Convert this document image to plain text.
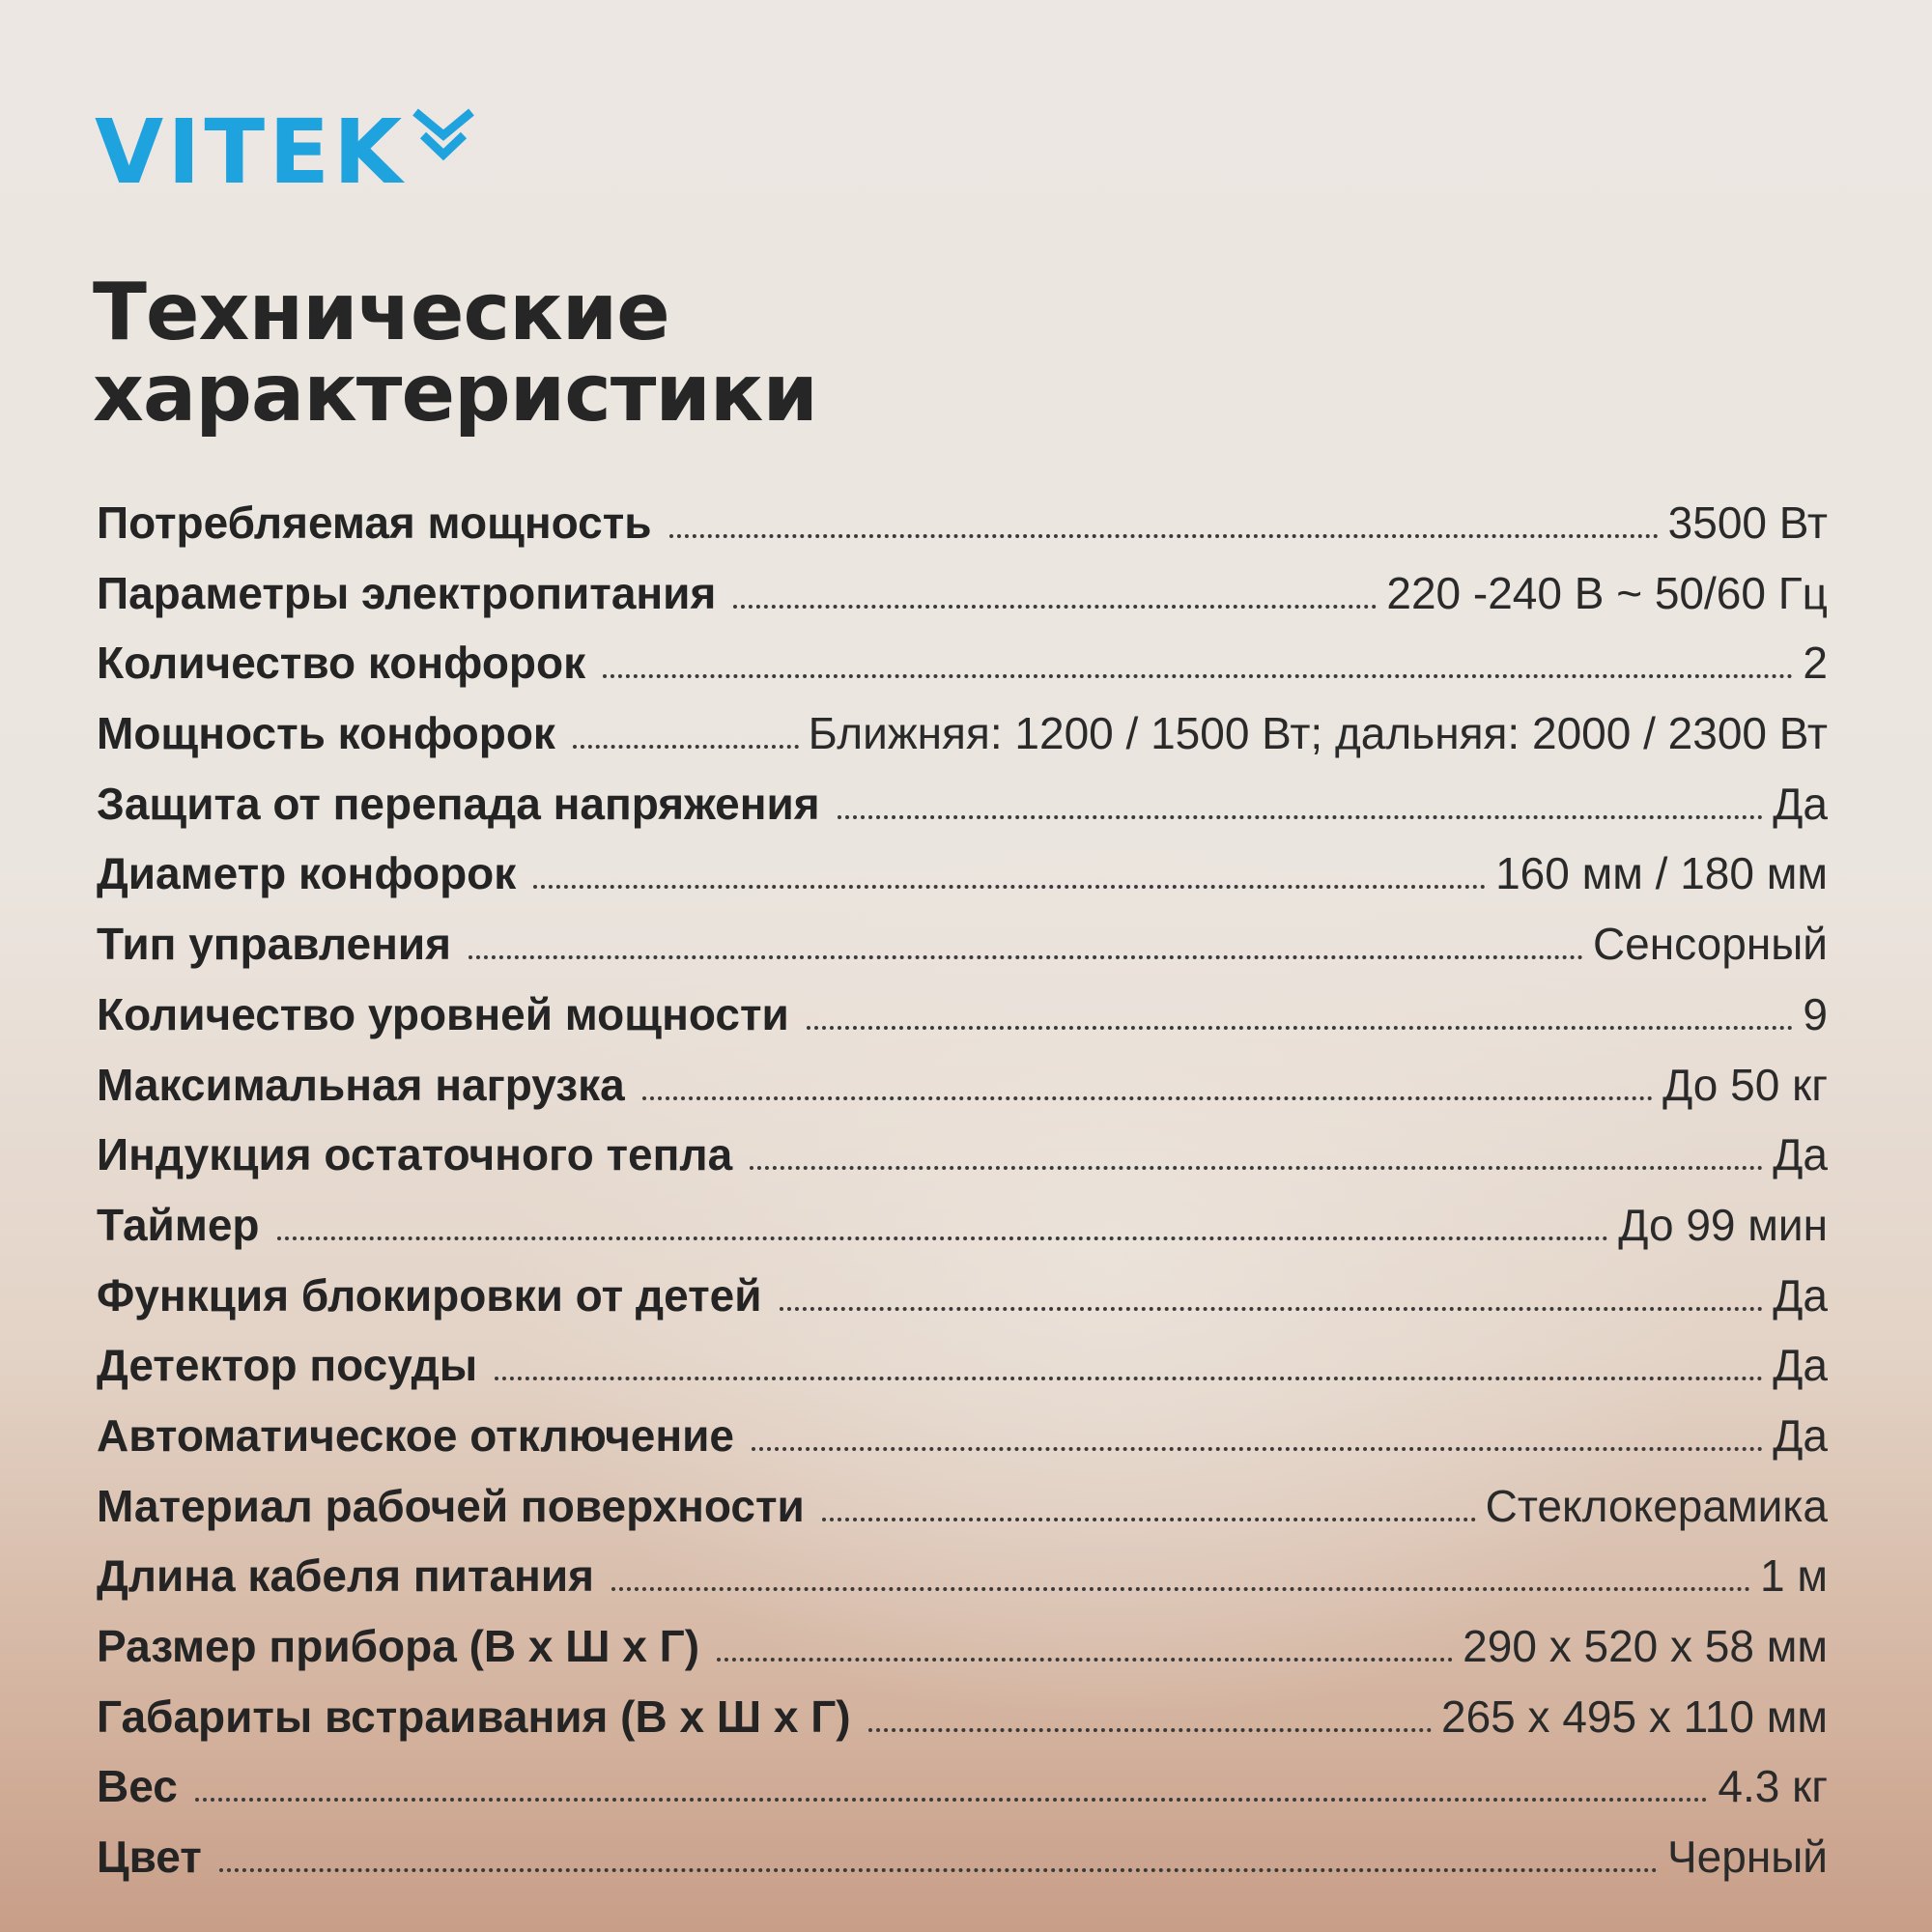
VITEK
Технические
характеристики
Потребляемая мощность	3500 Вт
Параметры электропитания	220 -240 В ~ 50/60 Гц
Количество конфорок	2
Мощность конфорок	Ближняя: 1200 / 1500 Вт; дальняя: 2000 / 2300 Вт
Защита от перепада напряжения	Да
Диаметр конфорок	160 мм / 180 мм
Тип управления	Сенсорный
Количество уровней мощности	9
Максимальная нагрузка	До 50 кг
Индукция остаточного тепла	Да
Таймер	До 99 мин
Функция блокировки от детей	Да
Детектор посуды	Да
Автоматическое отключение	Да
Материал рабочей поверхности	Стеклокерамика
Длина кабеля питания	1 м
Размер прибора (В х Ш х Г)	290 х 520 х 58 мм
Габариты встраивания (В х Ш х Г)	265 х 495 х 110 мм
Вес	4.3 кг
Цвет	Черный
